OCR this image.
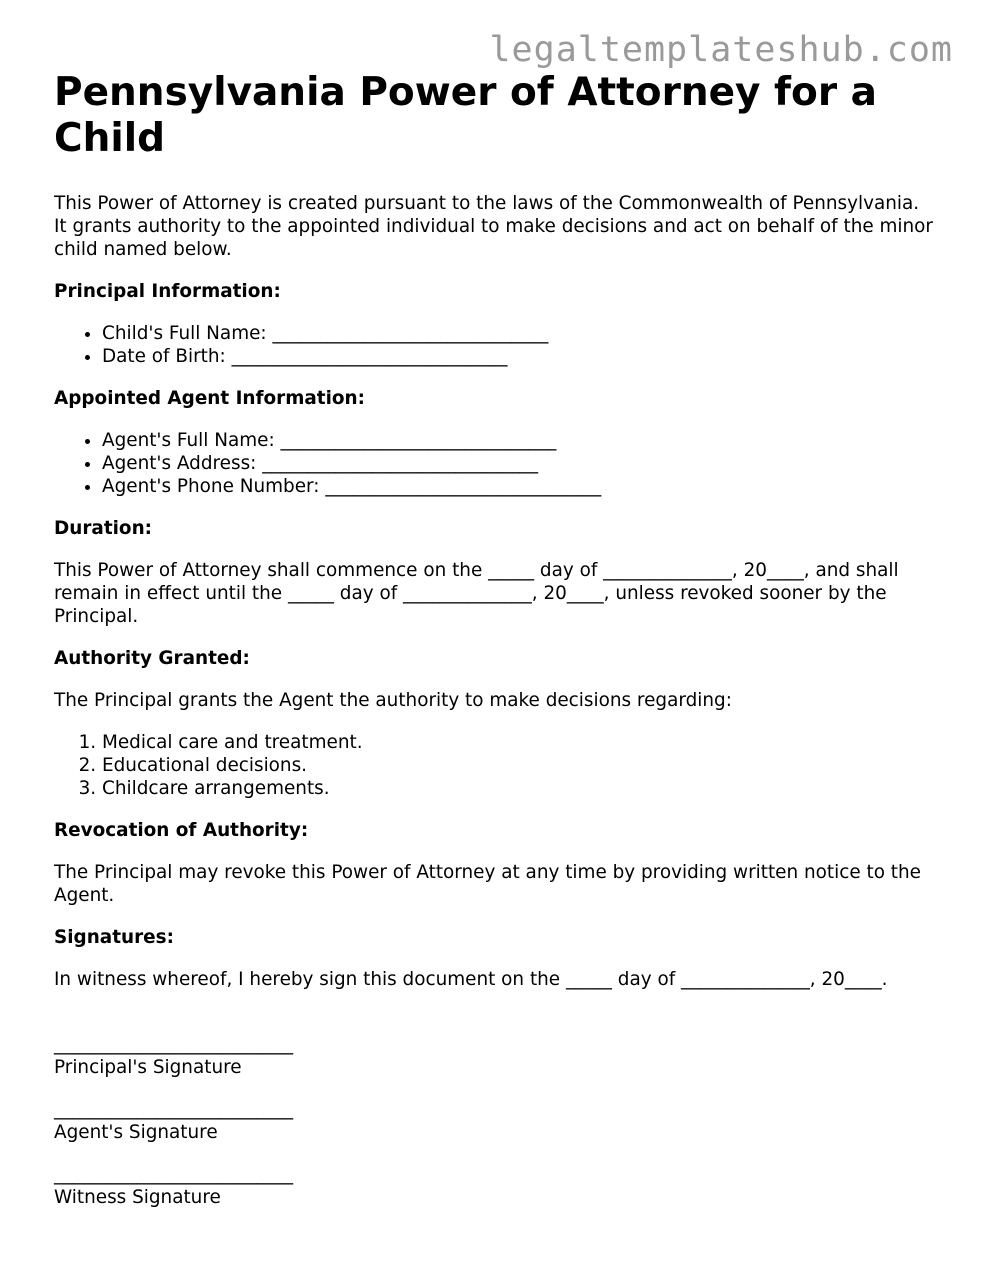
legaltemplateshub.com
Pennsylvania Power of Attorney for a Child

This Power of Attorney is created pursuant to the laws of the Commonwealth of Pennsylvania. It grants authority to the appointed individual to make decisions and act on behalf of the minor child named below.

Principal Information:

• Child's Full Name: ______________________________
• Date of Birth: ______________________________

Appointed Agent Information:

• Agent's Full Name: ______________________________
• Agent's Address: ______________________________
• Agent's Phone Number: ______________________________

Duration:

This Power of Attorney shall commence on the _____ day of ______________, 20____, and shall remain in effect until the _____ day of ______________, 20____, unless revoked sooner by the Principal.

Authority Granted:

The Principal grants the Agent the authority to make decisions regarding:

1. Medical care and treatment.
2. Educational decisions.
3. Childcare arrangements.

Revocation of Authority:

The Principal may revoke this Power of Attorney at any time by providing written notice to the Agent.

Signatures:

In witness whereof, I hereby sign this document on the _____ day of ______________, 20____.

__________________________
Principal's Signature
__________________________
Agent's Signature
__________________________
Witness Signature
